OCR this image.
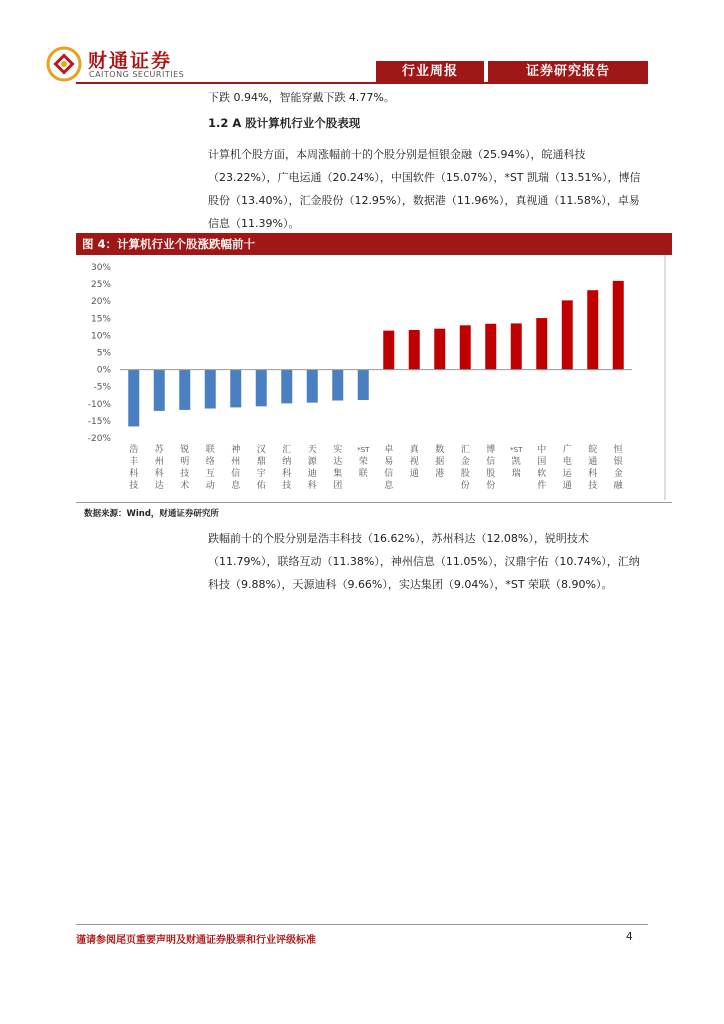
财通证券
CAITONG SECURITIES	行业周报	证券研究报告

下跌 0.94%，智能穿戴下跌 4.77%。

1.2 A 股计算机行业个股表现

计算机个股方面，本周涨幅前十的个股分别是恒银金融（25.94%），皖通科技（23.22%），广电运通（20.24%），中国软件（15.07%），*ST 凯瑞（13.51%），博信股份（13.40%），汇金股份（12.95%），数据港（11.96%），真视通（11.58%），卓易信息（11.39%）。

图 4：计算机行业个股涨跌幅前十
-20%
-15%
-10%
-5%
0%
5%
10%
15%
20%
25%
30%
浩丰科技
苏州科达
锐明技术
联络互动
神州信息
汉鼎宇佑
汇纳科技
天源迪科
实达集团
*ST 荣联
卓易信息
真视通
数据港
汇金股份
博信股份
*ST 凯瑞
中国软件
广电运通
皖通科技
恒银金融
数据来源：Wind，财通证券研究所

跌幅前十的个股分别是浩丰科技（16.62%），苏州科达（12.08%），锐明技术（11.79%），联络互动（11.38%），神州信息（11.05%），汉鼎宇佑（10.74%），汇纳科技（9.88%），天源迪科（9.66%），实达集团（9.04%），*ST 荣联（8.90%）。

谨请参阅尾页重要声明及财通证券股票和行业评级标准	4
